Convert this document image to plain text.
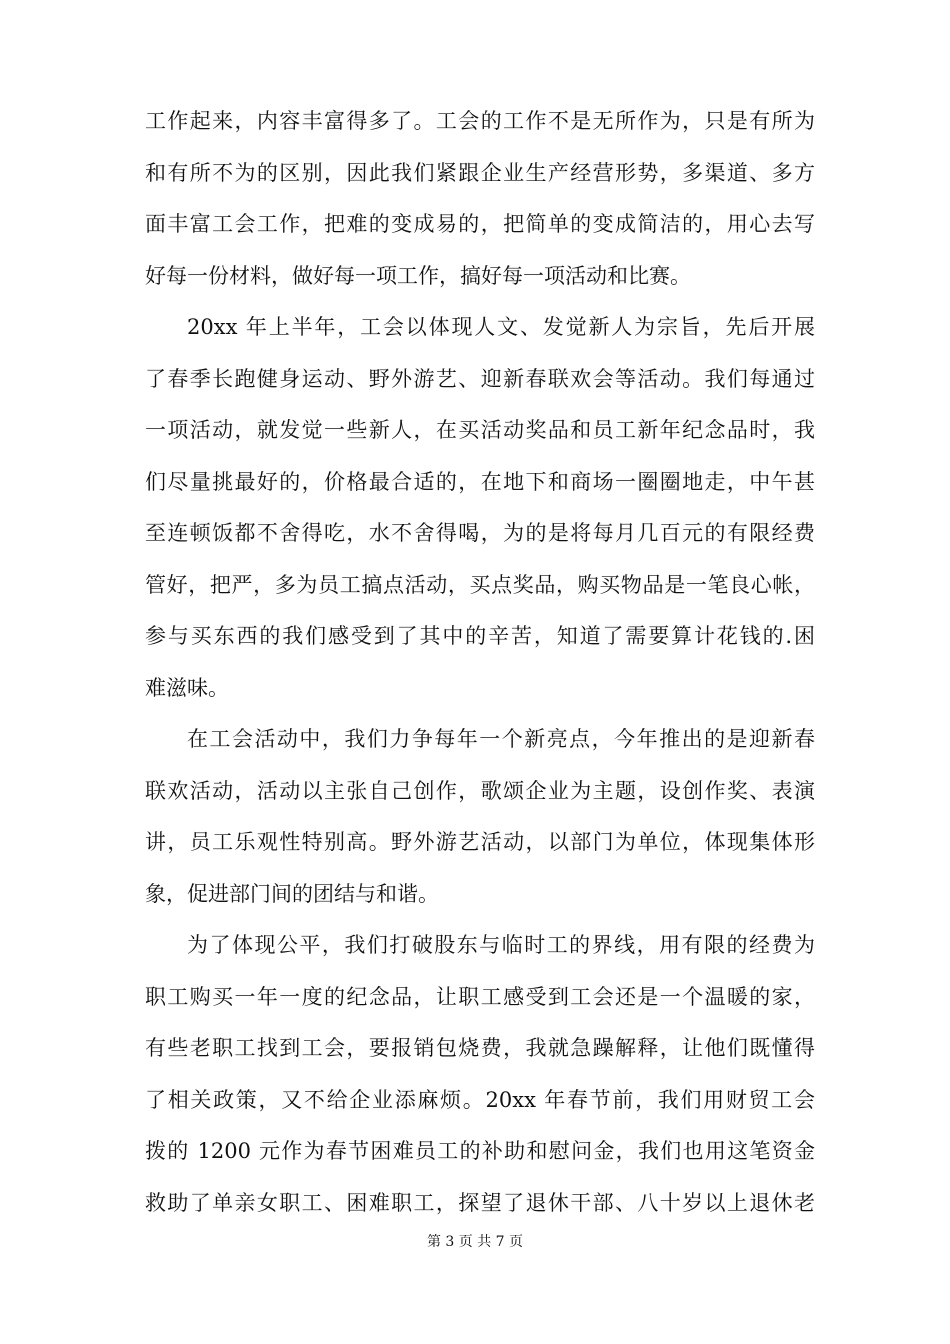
工作起来，内容丰富得多了。工会的工作不是无所作为，只是有所为
和有所不为的区别，因此我们紧跟企业生产经营形势，多渠道、多方
面丰富工会工作，把难的变成易的，把简单的变成简洁的，用心去写
好每一份材料，做好每一项工作，搞好每一项活动和比赛。
20xx 年上半年，工会以体现人文、发觉新人为宗旨，先后开展
了春季长跑健身运动、野外游艺、迎新春联欢会等活动。我们每通过
一项活动，就发觉一些新人，在买活动奖品和员工新年纪念品时，我
们尽量挑最好的，价格最合适的，在地下和商场一圈圈地走，中午甚
至连顿饭都不舍得吃，水不舍得喝，为的是将每月几百元的有限经费
管好，把严，多为员工搞点活动，买点奖品，购买物品是一笔良心帐，
参与买东西的我们感受到了其中的辛苦，知道了需要算计花钱的.困
难滋味。
在工会活动中，我们力争每年一个新亮点，今年推出的是迎新春
联欢活动，活动以主张自己创作，歌颂企业为主题，设创作奖、表演
讲，员工乐观性特别高。野外游艺活动，以部门为单位，体现集体形
象，促进部门间的团结与和谐。
为了体现公平，我们打破股东与临时工的界线，用有限的经费为
职工购买一年一度的纪念品，让职工感受到工会还是一个温暖的家，
有些老职工找到工会，要报销包烧费，我就急躁解释，让他们既懂得
了相关政策，又不给企业添麻烦。20xx 年春节前，我们用财贸工会
拨的 1200 元作为春节困难员工的补助和慰问金，我们也用这笔资金
救助了单亲女职工、困难职工，探望了退休干部、八十岁以上退休老
第 3 页 共 7 页
